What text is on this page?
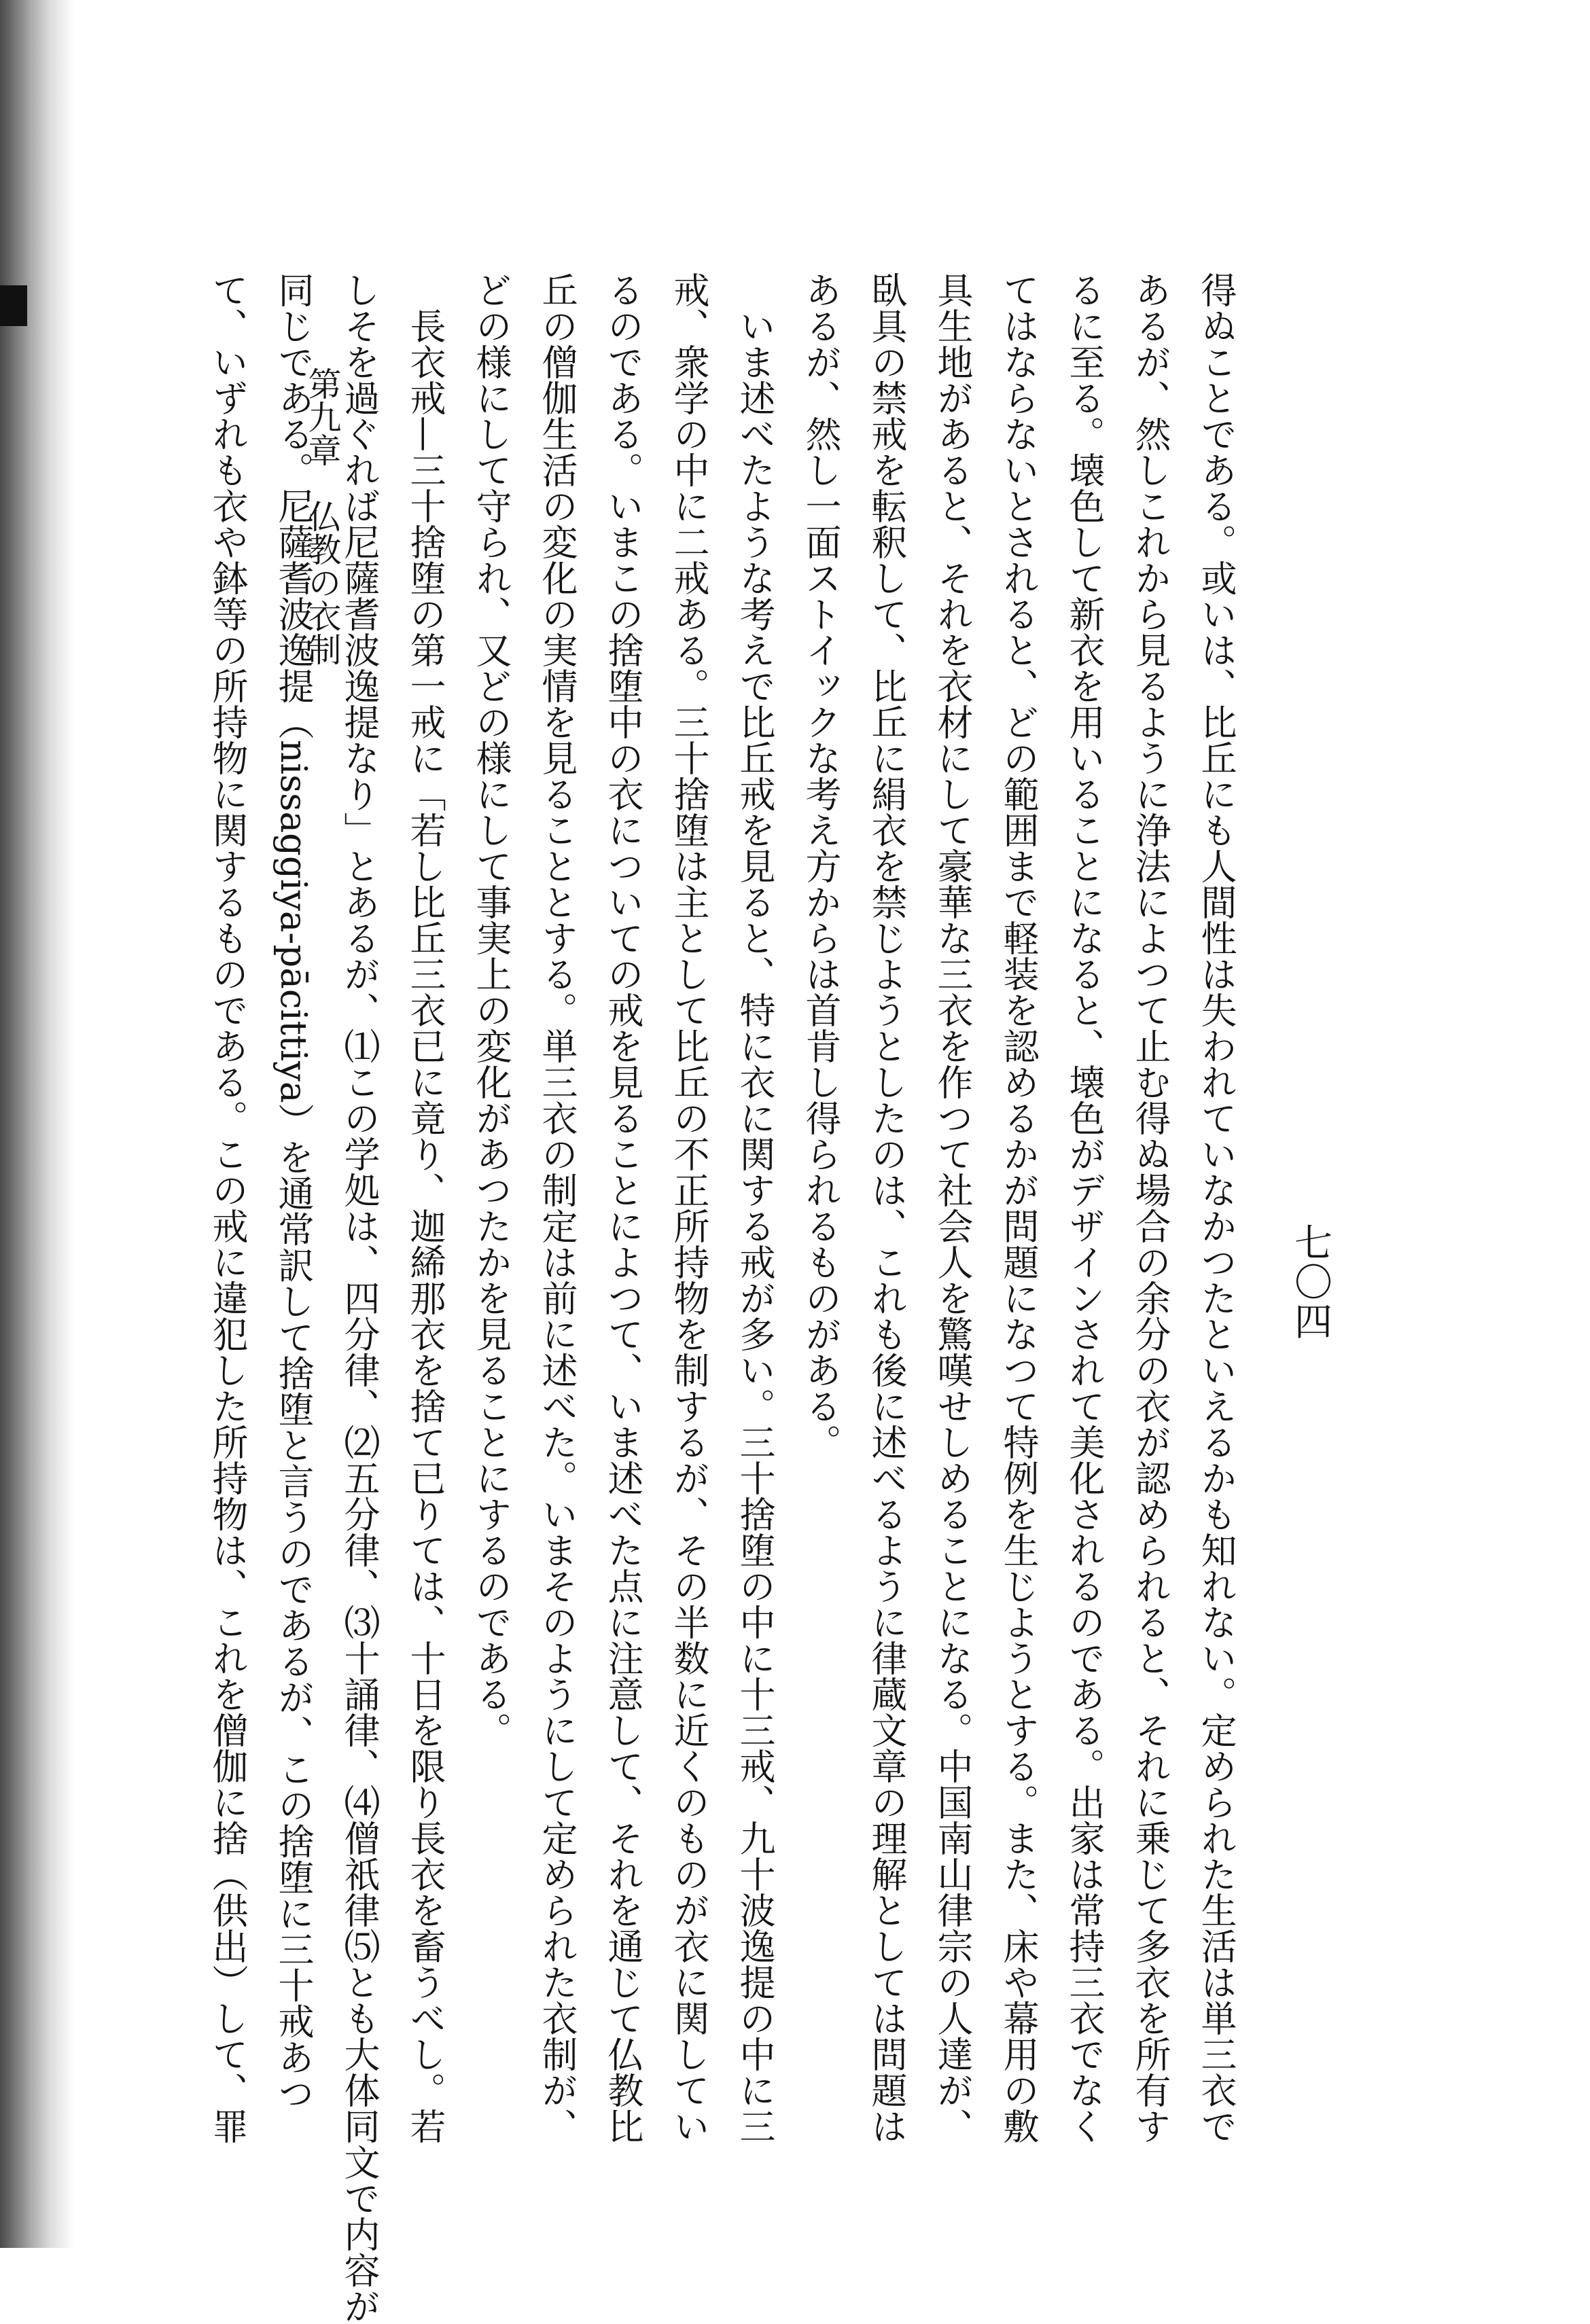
七〇四
第九章仏教の衣制	得ぬことである。或いは、比丘にも人間性は失われていなかつたといえるかも知れない。定められた生活は単三衣で
あるが、然しこれから見るように浄法によつて止む得ぬ場合の余分の衣が認められると、それに乗じて多衣を所有す
るに至る。壊色して新衣を用いることになると、壊色がデザインされて美化されるのである。出家は常持三衣でなく
てはならないとされると、どの範囲まで軽装を認めるかが問題になつて特例を生じようとする。また、床や幕用の敷
具生地があると、それを衣材にして豪華な三衣を作つて社会人を驚嘆せしめることになる。中国南山律宗の人達が、
臥具の禁戒を転釈して、比丘に絹衣を禁じようとしたのは、これも後に述べるように律蔵文章の理解としては問題は
あるが、然し一面ストイックな考え方からは首肯し得られるものがある。
いま述べたような考えで比丘戒を見ると、特に衣に関する戒が多い。三十捨堕の中に十三戒、九十波逸提の中に三
戒、衆学の中に二戒ある。三十捨堕は主として比丘の不正所持物を制するが、その半数に近くのものが衣に関してい
るのである。いまこの捨堕中の衣についての戒を見ることによつて、いま述べた点に注意して、それを通じて仏教比
丘の僧伽生活の変化の実情を見ることとする。単三衣の制定は前に述べた。いまそのようにして定められた衣制が、
どの様にして守られ、又どの様にして事実上の変化があつたかを見ることにするのである。
長衣戒—三十捨堕の第一戒に「若し比丘三衣已に竟り、迦絺那衣を捨て已りては、十日を限り長衣を畜うべし。若
しそを過ぐれば尼薩耆波逸提なり」とあるが、⑴この学処は、四分律、⑵五分律、⑶十誦律、⑷僧祇律⑸とも大体同文で内容が
同じである。尼薩耆波逸提（nissaggiya-pācittiya）を通常訳して捨堕と言うのであるが、この捨堕に三十戒あつ
て、いずれも衣や鉢等の所持物に関するものである。この戒に違犯した所持物は、これを僧伽に捨（供出）して、罪
